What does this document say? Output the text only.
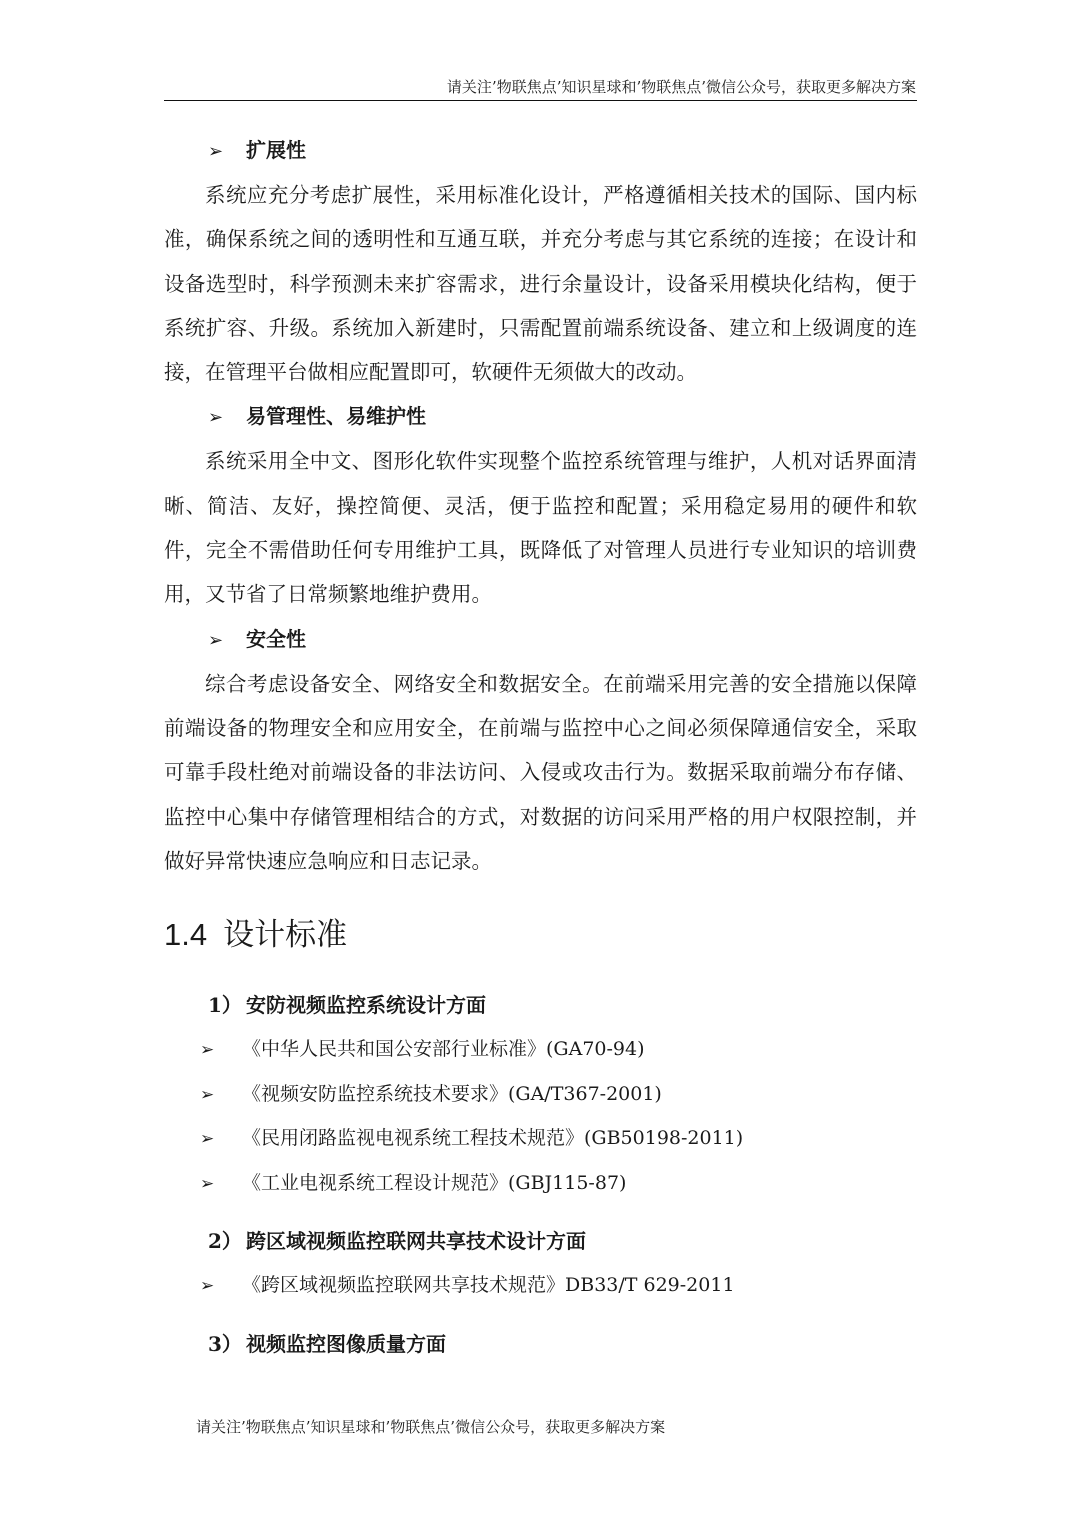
请关注’物联焦点’知识星球和’物联焦点’微信公众号，获取更多解决方案
➢ 扩展性

系统应充分考虑扩展性，采用标准化设计，严格遵循相关技术的国际、国内标准，确保系统之间的透明性和互通互联，并充分考虑与其它系统的连接；在设计和设备选型时，科学预测未来扩容需求，进行余量设计，设备采用模块化结构，便于系统扩容、升级。系统加入新建时，只需配置前端系统设备、建立和上级调度的连接，在管理平台做相应配置即可，软硬件无须做大的改动。

➢ 易管理性、易维护性

系统采用全中文、图形化软件实现整个监控系统管理与维护，人机对话界面清晰、简洁、友好，操控简便、灵活，便于监控和配置；采用稳定易用的硬件和软件，完全不需借助任何专用维护工具，既降低了对管理人员进行专业知识的培训费用，又节省了日常频繁地维护费用。

➢ 安全性

综合考虑设备安全、网络安全和数据安全。在前端采用完善的安全措施以保障前端设备的物理安全和应用安全，在前端与监控中心之间必须保障通信安全，采取可靠手段杜绝对前端设备的非法访问、入侵或攻击行为。数据采取前端分布存储、监控中心集中存储管理相结合的方式，对数据的访问采用严格的用户权限控制，并做好异常快速应急响应和日志记录。

1.4 设计标准
1） 安防视频监控系统设计方面
➢ 《中华人民共和国公安部行业标准》(GA70-94)
➢ 《视频安防监控系统技术要求》(GA/T367-2001)
➢ 《民用闭路监视电视系统工程技术规范》(GB50198-2011)
➢ 《工业电视系统工程设计规范》(GBJ115-87)
2） 跨区域视频监控联网共享技术设计方面
➢ 《跨区域视频监控联网共享技术规范》DB33/T 629-2011
3） 视频监控图像质量方面
请关注’物联焦点’知识星球和’物联焦点’微信公众号，获取更多解决方案
